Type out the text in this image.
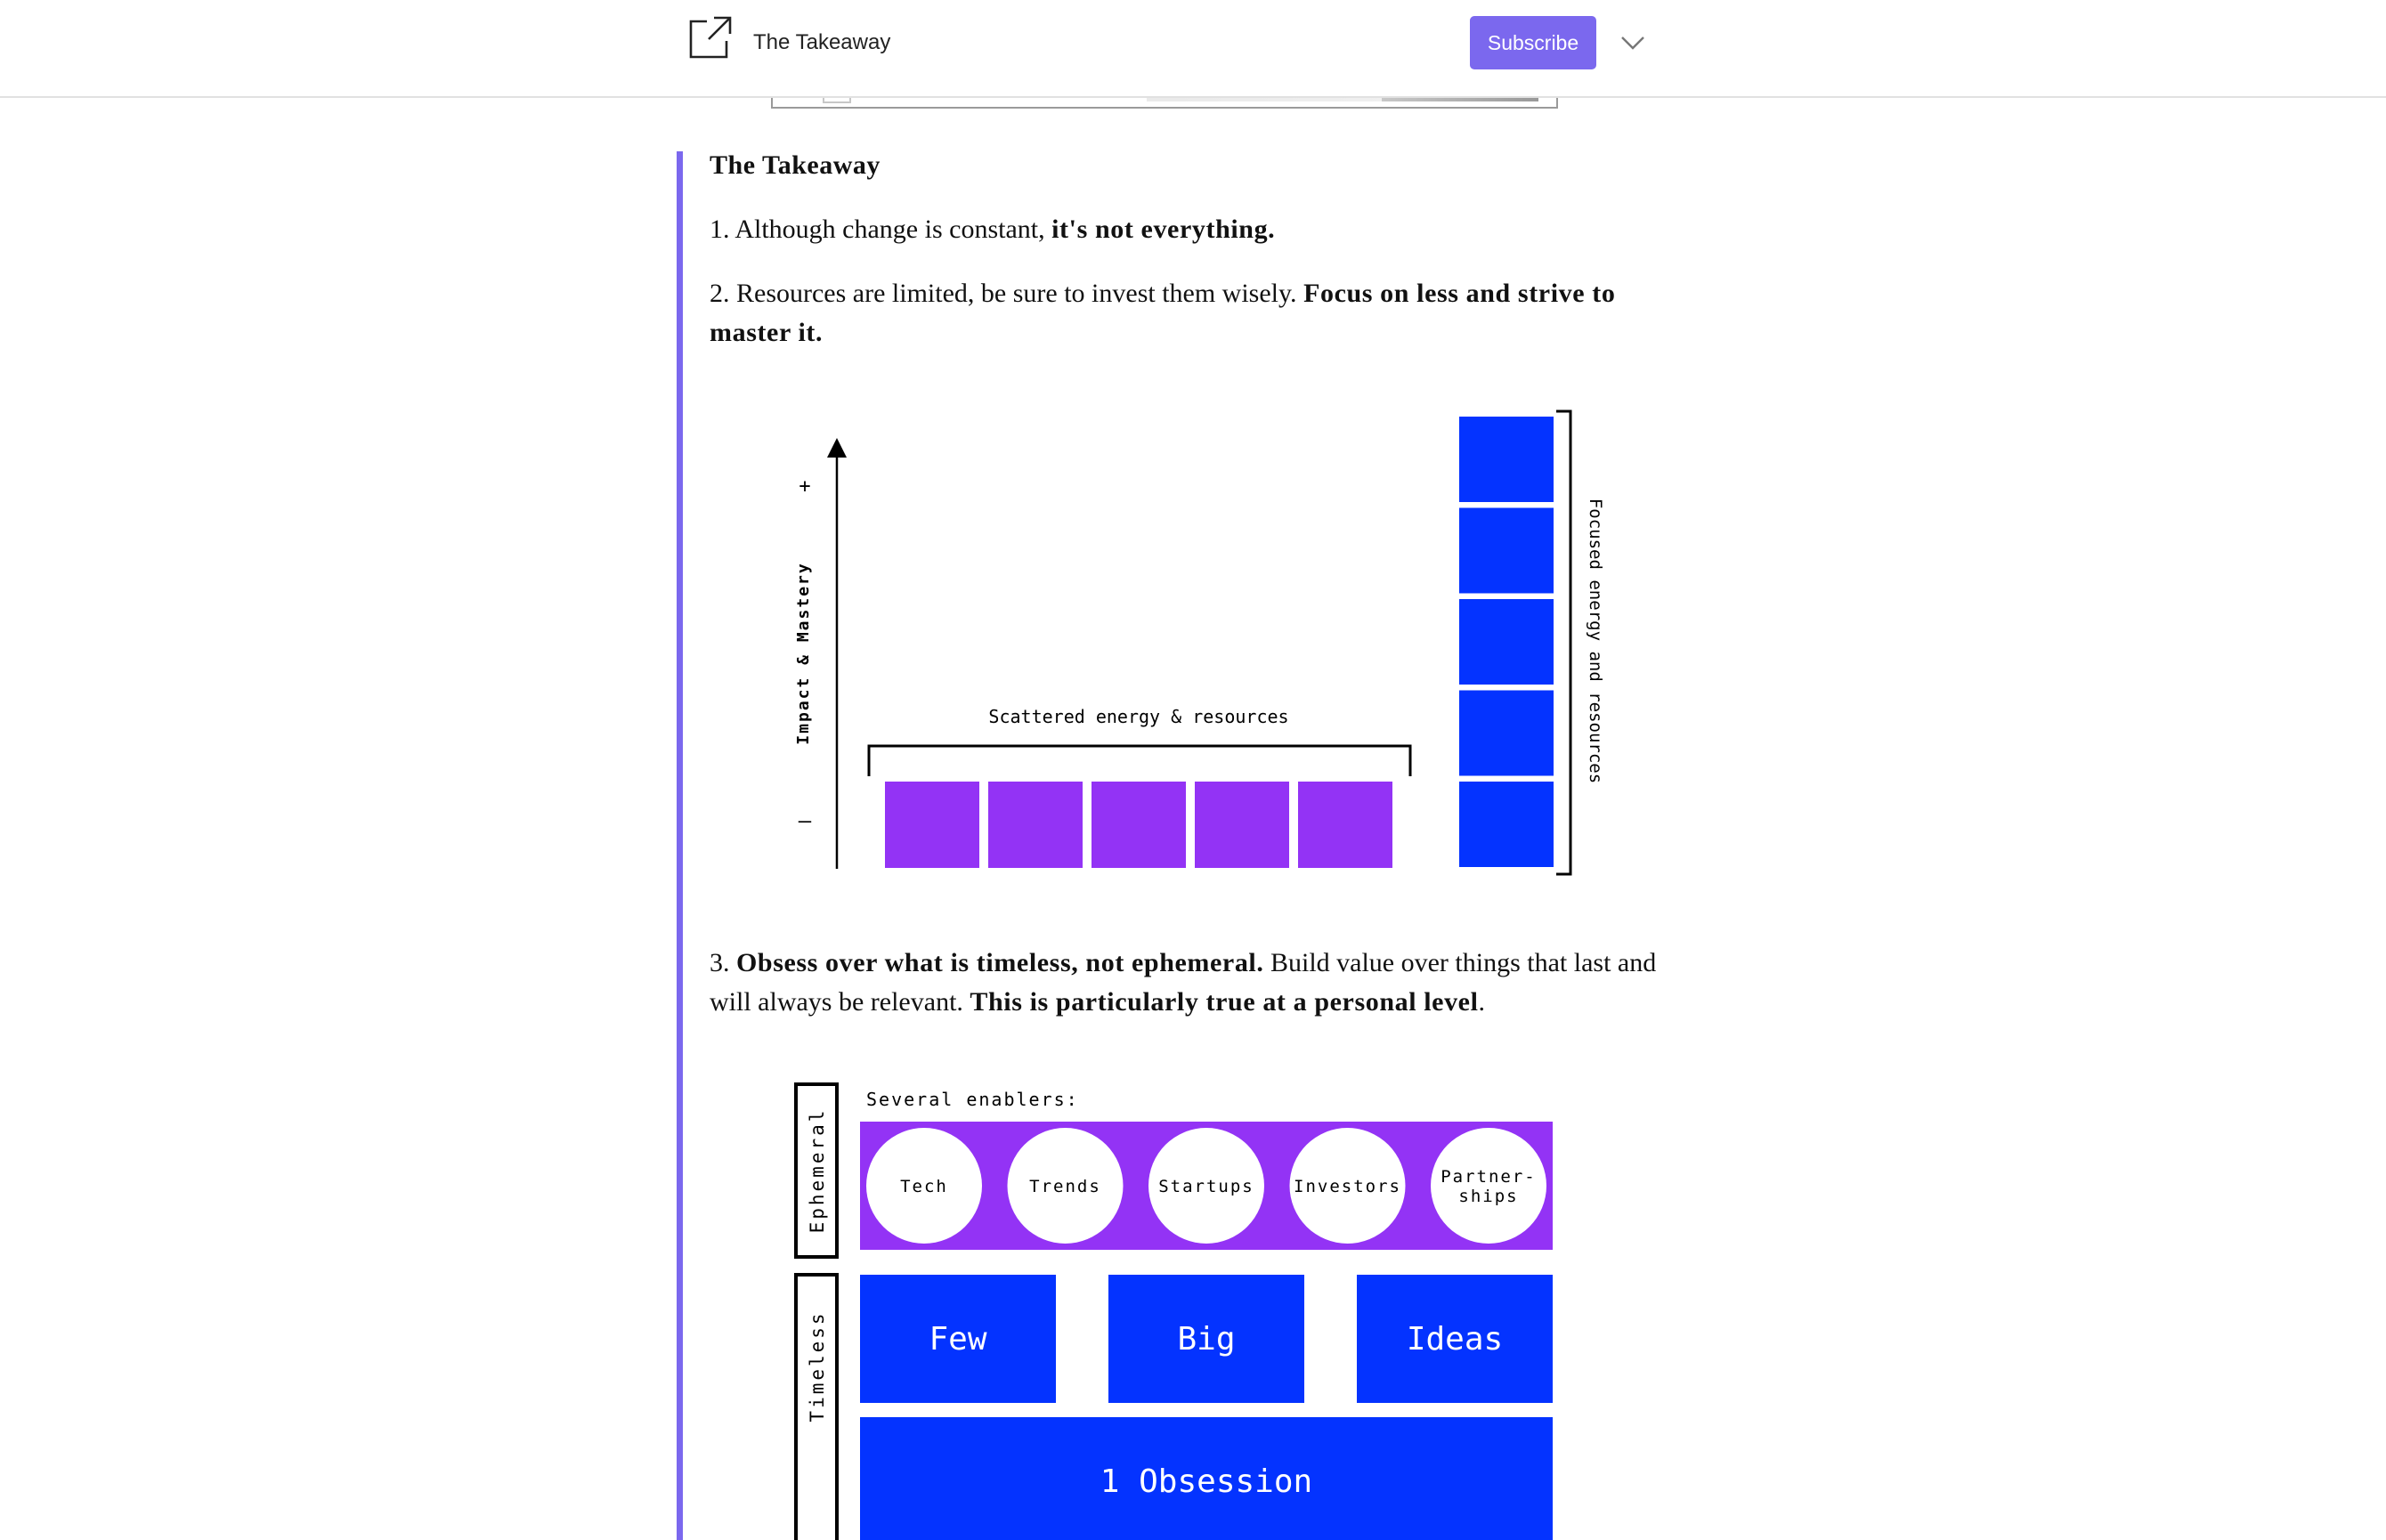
The Takeaway	Subscribe

The Takeaway

1. Although change is constant, it's not everything.

2. Resources are limited, be sure to invest them wisely. Focus on less and strive to master it.

3. Obsess over what is timeless, not ephemeral. Build value over things that last and will always be relevant. This is particularly true at a personal level.

+
–
Impact & Mastery	Scattered energy & resources	Focused energy and resources
Ephemeral
Timeless
Several enablers:
Tech	Trends	Startups Investors Partner-
ships
Few	Big	Ideas
1 Obsession
